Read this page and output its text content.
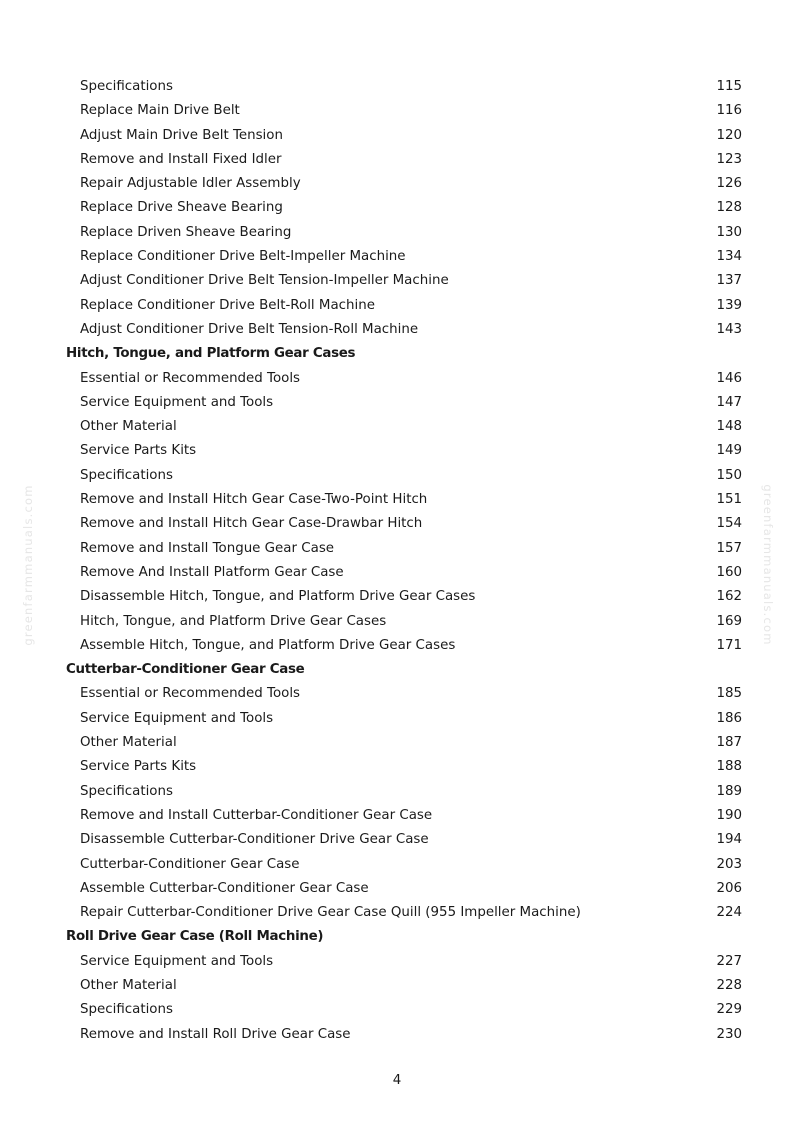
Specifications	115
Replace Main Drive Belt	116
Adjust Main Drive Belt Tension	120
Remove and Install Fixed Idler	123
Repair Adjustable Idler Assembly	126
Replace Drive Sheave Bearing	128
Replace Driven Sheave Bearing	130
Replace Conditioner Drive Belt-Impeller Machine	134
Adjust Conditioner Drive Belt Tension-Impeller Machine	137
Replace Conditioner Drive Belt-Roll Machine	139
Adjust Conditioner Drive Belt Tension-Roll Machine	143
Hitch, Tongue, and Platform Gear Cases
Essential or Recommended Tools	146
Service Equipment and Tools	147
Other Material	148
Service Parts Kits	149
Specifications	150
Remove and Install Hitch Gear Case-Two-Point Hitch	151
Remove and Install Hitch Gear Case-Drawbar Hitch	154
Remove and Install Tongue Gear Case	157
Remove And Install Platform Gear Case	160
Disassemble Hitch, Tongue, and Platform Drive Gear Cases	162
Hitch, Tongue, and Platform Drive Gear Cases	169
Assemble Hitch, Tongue, and Platform Drive Gear Cases	171
Cutterbar-Conditioner Gear Case
Essential or Recommended Tools	185
Service Equipment and Tools	186
Other Material	187
Service Parts Kits	188
Specifications	189
Remove and Install Cutterbar-Conditioner Gear Case	190
Disassemble Cutterbar-Conditioner Drive Gear Case	194
Cutterbar-Conditioner Gear Case	203
Assemble Cutterbar-Conditioner Gear Case	206
Repair Cutterbar-Conditioner Drive Gear Case Quill (955 Impeller Machine)	224
Roll Drive Gear Case (Roll Machine)
Service Equipment and Tools	227
Other Material	228
Specifications	229
Remove and Install Roll Drive Gear Case	230
greenfarmmanuals.com	greenfarmmanuals.com
4
